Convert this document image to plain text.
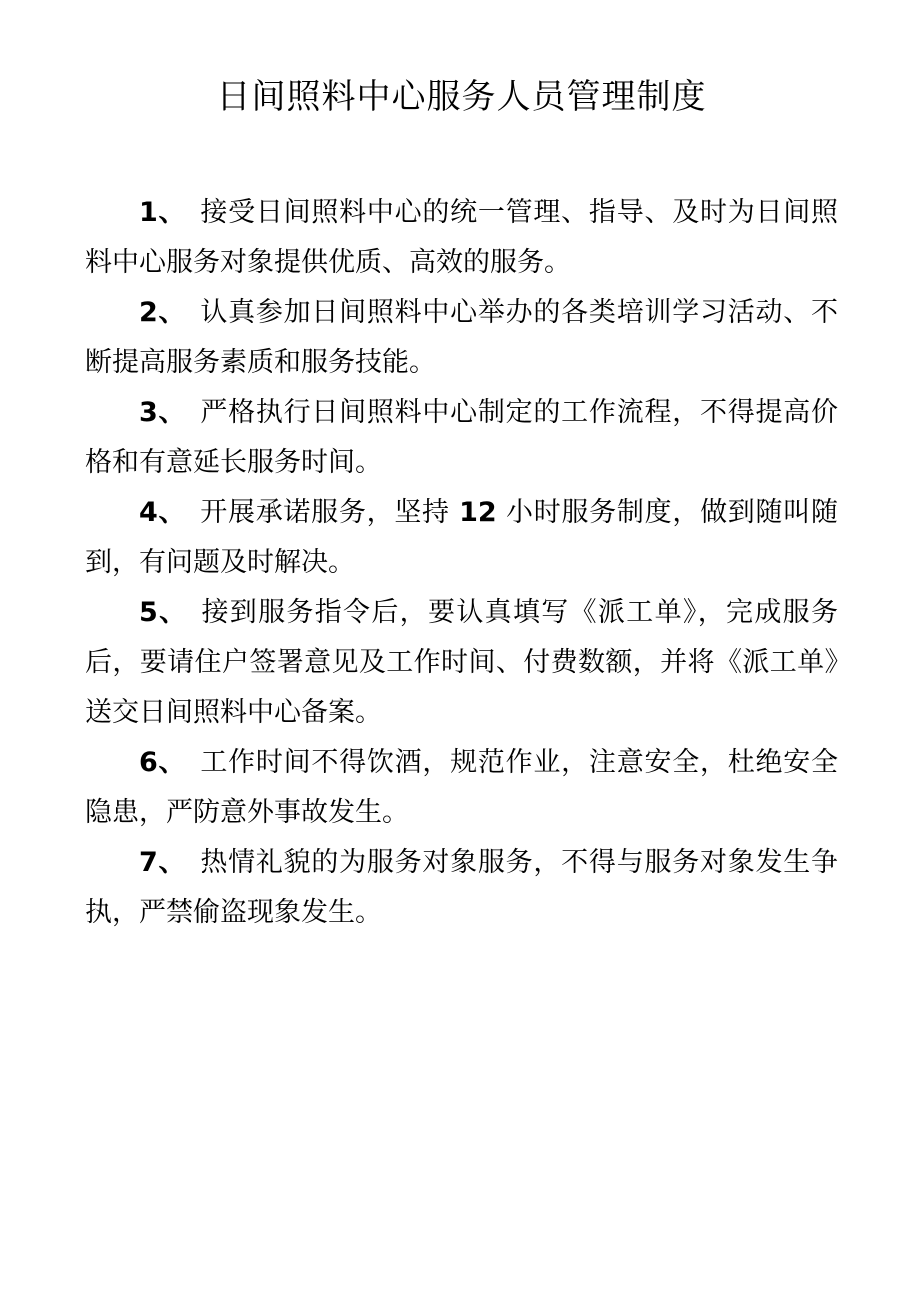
日间照料中心服务人员管理制度

1、 接受日间照料中心的统一管理、指导、及时为日间照料中心服务对象提供优质、高效的服务。

2、 认真参加日间照料中心举办的各类培训学习活动、不断提高服务素质和服务技能。

3、 严格执行日间照料中心制定的工作流程，不得提高价格和有意延长服务时间。

4、 开展承诺服务，坚持 12 小时服务制度，做到随叫随到，有问题及时解决。

5、 接到服务指令后，要认真填写《派工单》，完成服务后，要请住户签署意见及工作时间、付费数额，并将《派工单》送交日间照料中心备案。

6、 工作时间不得饮酒，规范作业，注意安全，杜绝安全隐患，严防意外事故发生。

7、 热情礼貌的为服务对象服务，不得与服务对象发生争执，严禁偷盗现象发生。
